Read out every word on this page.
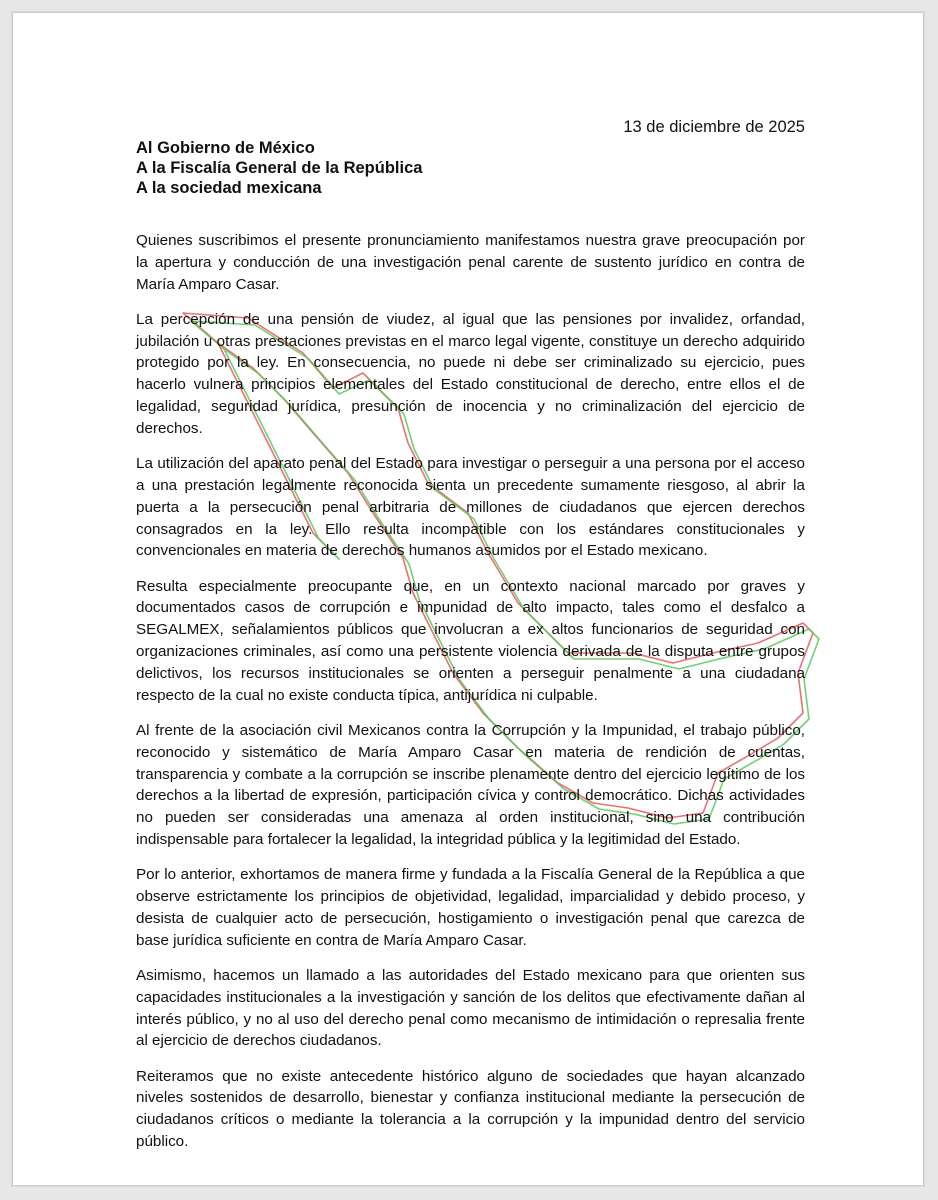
13 de diciembre de 2025
Al Gobierno de México
A la Fiscalía General de la República
A la sociedad mexicana

Quienes suscribimos el presente pronunciamiento manifestamos nuestra grave preocupación por la apertura y conducción de una investigación penal carente de sustento jurídico en contra de María Amparo Casar.

La percepción de una pensión de viudez, al igual que las pensiones por invalidez, orfandad, jubilación u otras prestaciones previstas en el marco legal vigente, constituye un derecho adquirido protegido por la ley. En consecuencia, no puede ni debe ser criminalizado su ejercicio, pues hacerlo vulnera principios elementales del Estado constitucional de derecho, entre ellos el de legalidad, seguridad jurídica, presunción de inocencia y no criminalización del ejercicio de derechos.

La utilización del aparato penal del Estado para investigar o perseguir a una persona por el acceso a una prestación legalmente reconocida sienta un precedente sumamente riesgoso, al abrir la puerta a la persecución penal arbitraria de millones de ciudadanos que ejercen derechos consagrados en la ley. Ello resulta incompatible con los estándares constitucionales y convencionales en materia de derechos humanos asumidos por el Estado mexicano.

Resulta especialmente preocupante que, en un contexto nacional marcado por graves y documentados casos de corrupción e impunidad de alto impacto, tales como el desfalco a SEGALMEX, señalamientos públicos que involucran a ex altos funcionarios de seguridad con organizaciones criminales, así como una persistente violencia derivada de la disputa entre grupos delictivos, los recursos institucionales se orienten a perseguir penalmente a una ciudadana respecto de la cual no existe conducta típica, antijurídica ni culpable.

Al frente de la asociación civil Mexicanos contra la Corrupción y la Impunidad, el trabajo público, reconocido y sistemático de María Amparo Casar en materia de rendición de cuentas, transparencia y combate a la corrupción se inscribe plenamente dentro del ejercicio legítimo de los derechos a la libertad de expresión, participación cívica y control democrático. Dichas actividades no pueden ser consideradas una amenaza al orden institucional, sino una contribución indispensable para fortalecer la legalidad, la integridad pública y la legitimidad del Estado.

Por lo anterior, exhortamos de manera firme y fundada a la Fiscalía General de la República a que observe estrictamente los principios de objetividad, legalidad, imparcialidad y debido proceso, y desista de cualquier acto de persecución, hostigamiento o investigación penal que carezca de base jurídica suficiente en contra de María Amparo Casar.

Asimismo, hacemos un llamado a las autoridades del Estado mexicano para que orienten sus capacidades institucionales a la investigación y sanción de los delitos que efectivamente dañan al interés público, y no al uso del derecho penal como mecanismo de intimidación o represalia frente al ejercicio de derechos ciudadanos.

Reiteramos que no existe antecedente histórico alguno de sociedades que hayan alcanzado niveles sostenidos de desarrollo, bienestar y confianza institucional mediante la persecución de ciudadanos críticos o mediante la tolerancia a la corrupción y la impunidad dentro del servicio público.
